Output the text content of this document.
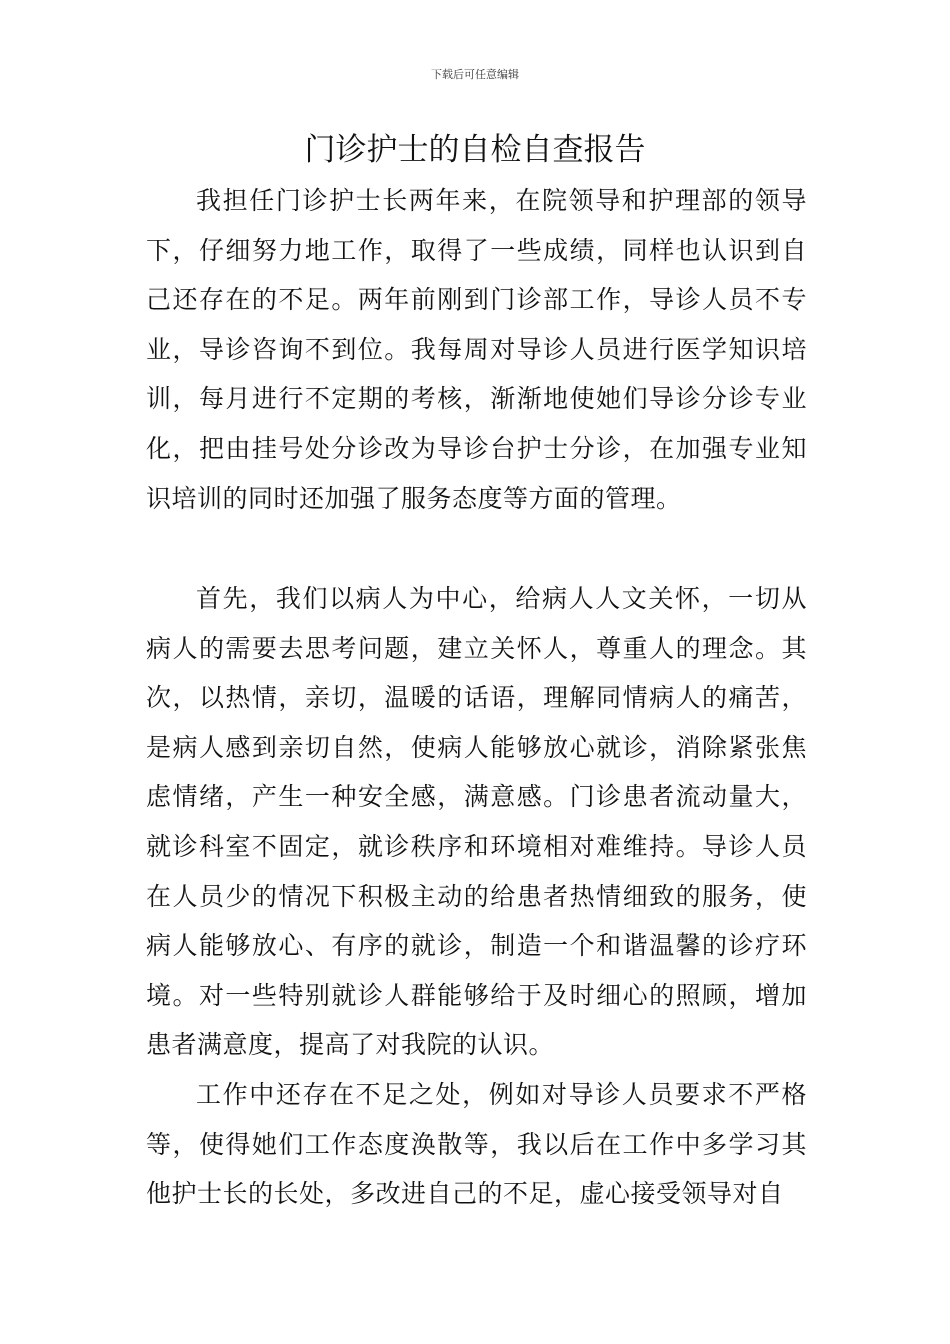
下载后可任意编辑
门诊护士的自检自查报告

我担任门诊护士长两年来，在院领导和护理部的领导下，仔细努力地工作，取得了一些成绩，同样也认识到自己还存在的不足。两年前刚到门诊部工作，导诊人员不专业，导诊咨询不到位。我每周对导诊人员进行医学知识培训，每月进行不定期的考核，渐渐地使她们导诊分诊专业化，把由挂号处分诊改为导诊台护士分诊，在加强专业知识培训的同时还加强了服务态度等方面的管理。

首先，我们以病人为中心，给病人人文关怀，一切从病人的需要去思考问题，建立关怀人，尊重人的理念。其次，以热情，亲切，温暖的话语，理解同情病人的痛苦，是病人感到亲切自然，使病人能够放心就诊，消除紧张焦虑情绪，产生一种安全感，满意感。门诊患者流动量大，就诊科室不固定，就诊秩序和环境相对难维持。导诊人员在人员少的情况下积极主动的给患者热情细致的服务，使病人能够放心、有序的就诊，制造一个和谐温馨的诊疗环境。对一些特别就诊人群能够给于及时细心的照顾，增加患者满意度，提高了对我院的认识。

工作中还存在不足之处，例如对导诊人员要求不严格等，使得她们工作态度涣散等，我以后在工作中多学习其他护士长的长处，多改进自己的不足，虚心接受领导对自
